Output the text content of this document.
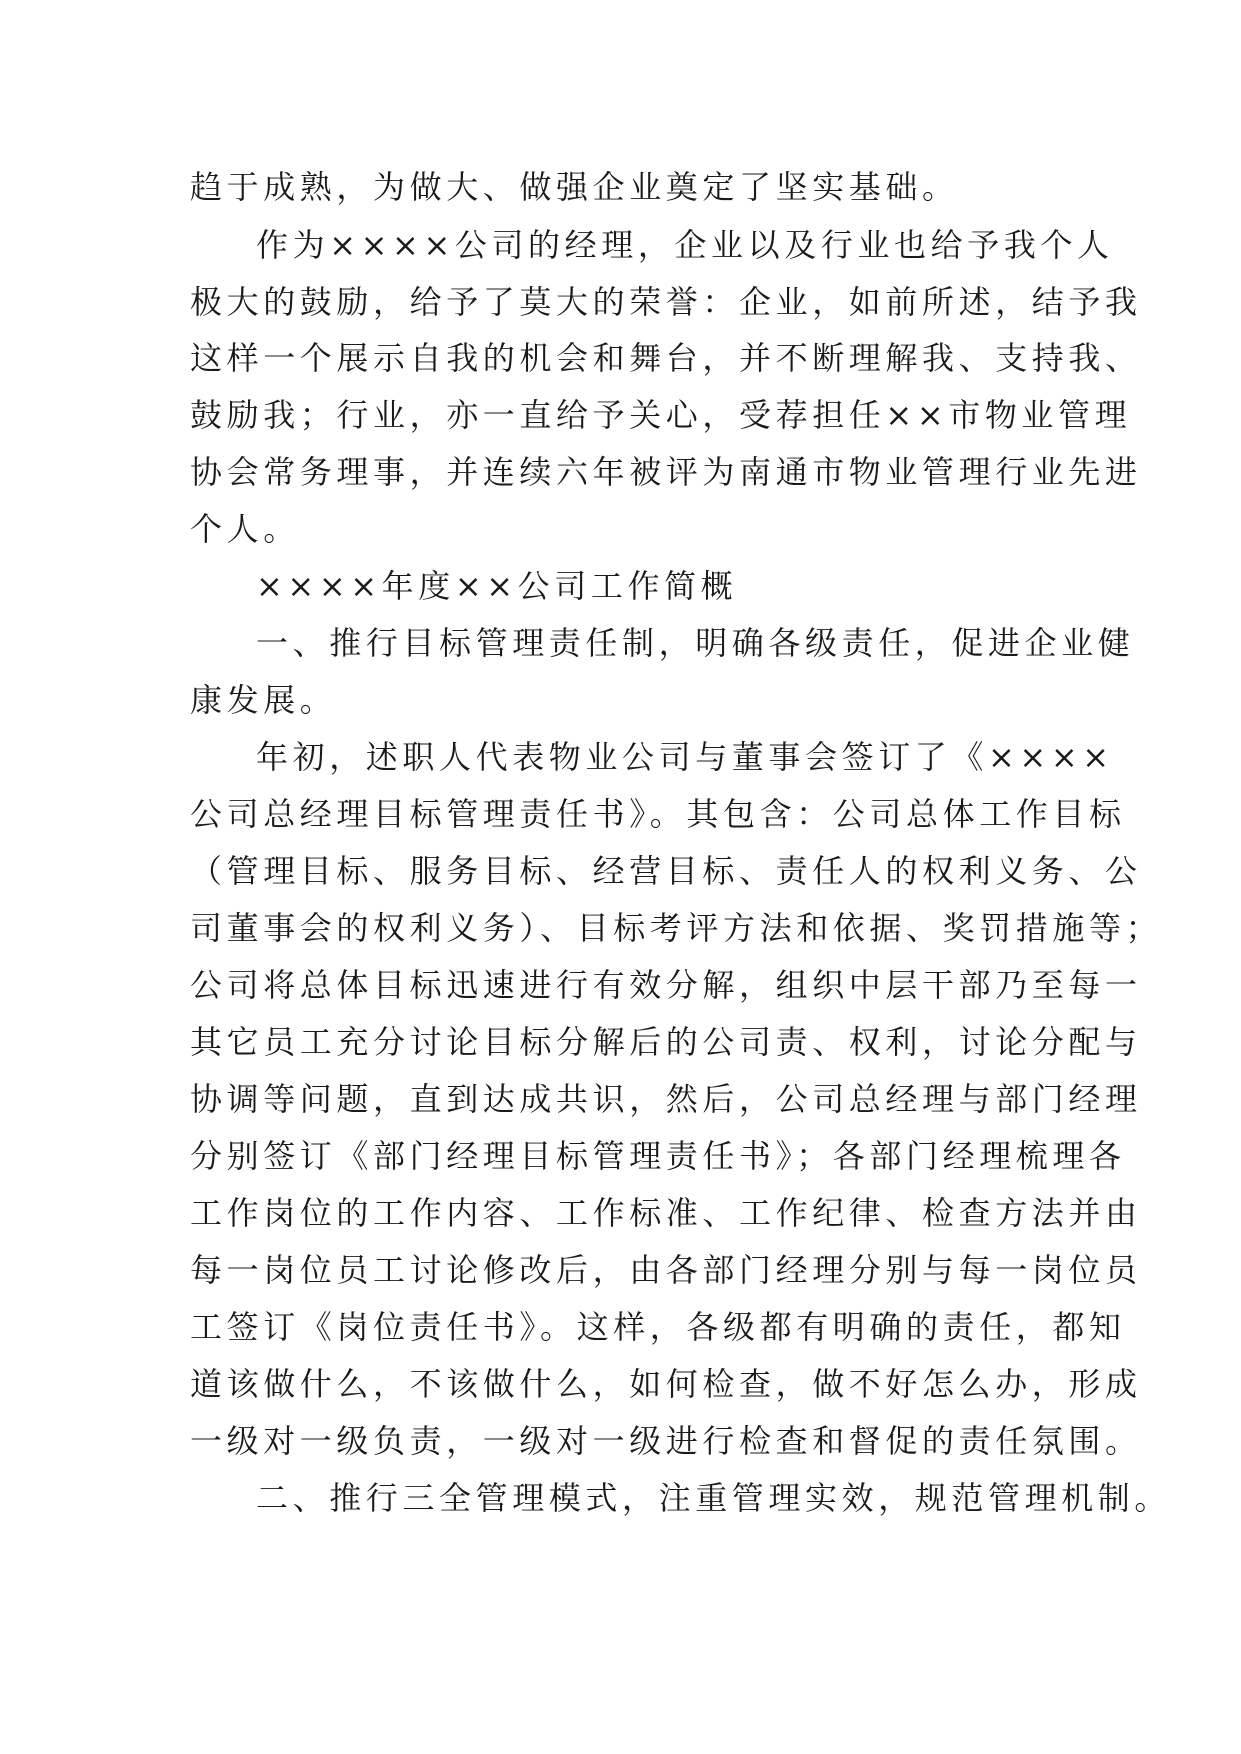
趋于成熟，为做大、做强企业奠定了坚实基础。
作为××××公司的经理，企业以及行业也给予我个人
极大的鼓励，给予了莫大的荣誉：企业，如前所述，结予我
这样一个展示自我的机会和舞台，并不断理解我、支持我、
鼓励我；行业，亦一直给予关心，受荐担任××市物业管理
协会常务理事，并连续六年被评为南通市物业管理行业先进
个人。
××××年度××公司工作简概
一、推行目标管理责任制，明确各级责任，促进企业健
康发展。
年初，述职人代表物业公司与董事会签订了《××××
公司总经理目标管理责任书》。其包含：公司总体工作目标
（管理目标、服务目标、经营目标、责任人的权利义务、公
司董事会的权利义务）、目标考评方法和依据、奖罚措施等；
公司将总体目标迅速进行有效分解，组织中层干部乃至每一
其它员工充分讨论目标分解后的公司责、权利，讨论分配与
协调等问题，直到达成共识，然后，公司总经理与部门经理
分别签订《部门经理目标管理责任书》；各部门经理梳理各
工作岗位的工作内容、工作标准、工作纪律、检查方法并由
每一岗位员工讨论修改后，由各部门经理分别与每一岗位员
工签订《岗位责任书》。这样，各级都有明确的责任，都知
道该做什么，不该做什么，如何检查，做不好怎么办，形成
一级对一级负责，一级对一级进行检查和督促的责任氛围。
二、推行三全管理模式，注重管理实效，规范管理机制。
